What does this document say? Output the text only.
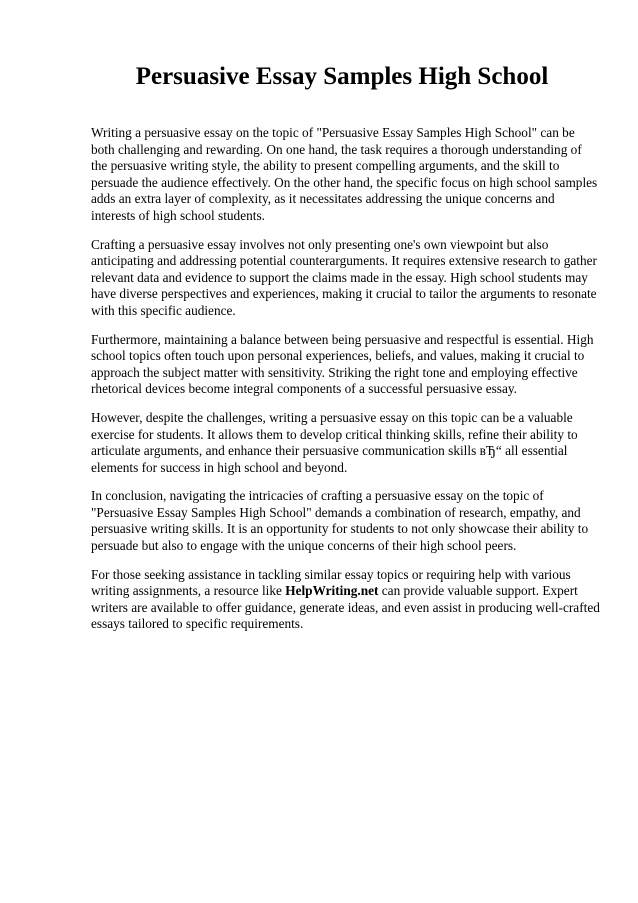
Persuasive Essay Samples High School

Writing a persuasive essay on the topic of "Persuasive Essay Samples High School" can be both challenging and rewarding. On one hand, the task requires a thorough understanding of the persuasive writing style, the ability to present compelling arguments, and the skill to persuade the audience effectively. On the other hand, the specific focus on high school samples adds an extra layer of complexity, as it necessitates addressing the unique concerns and interests of high school students.

Crafting a persuasive essay involves not only presenting one's own viewpoint but also anticipating and addressing potential counterarguments. It requires extensive research to gather relevant data and evidence to support the claims made in the essay. High school students may have diverse perspectives and experiences, making it crucial to tailor the arguments to resonate with this specific audience.

Furthermore, maintaining a balance between being persuasive and respectful is essential. High school topics often touch upon personal experiences, beliefs, and values, making it crucial to approach the subject matter with sensitivity. Striking the right tone and employing effective rhetorical devices become integral components of a successful persuasive essay.

However, despite the challenges, writing a persuasive essay on this topic can be a valuable exercise for students. It allows them to develop critical thinking skills, refine their ability to articulate arguments, and enhance their persuasive communication skills вЂ“ all essential elements for success in high school and beyond.

In conclusion, navigating the intricacies of crafting a persuasive essay on the topic of "Persuasive Essay Samples High School" demands a combination of research, empathy, and persuasive writing skills. It is an opportunity for students to not only showcase their ability to persuade but also to engage with the unique concerns of their high school peers.

For those seeking assistance in tackling similar essay topics or requiring help with various writing assignments, a resource like HelpWriting.net can provide valuable support. Expert writers are available to offer guidance, generate ideas, and even assist in producing well-crafted essays tailored to specific requirements.
